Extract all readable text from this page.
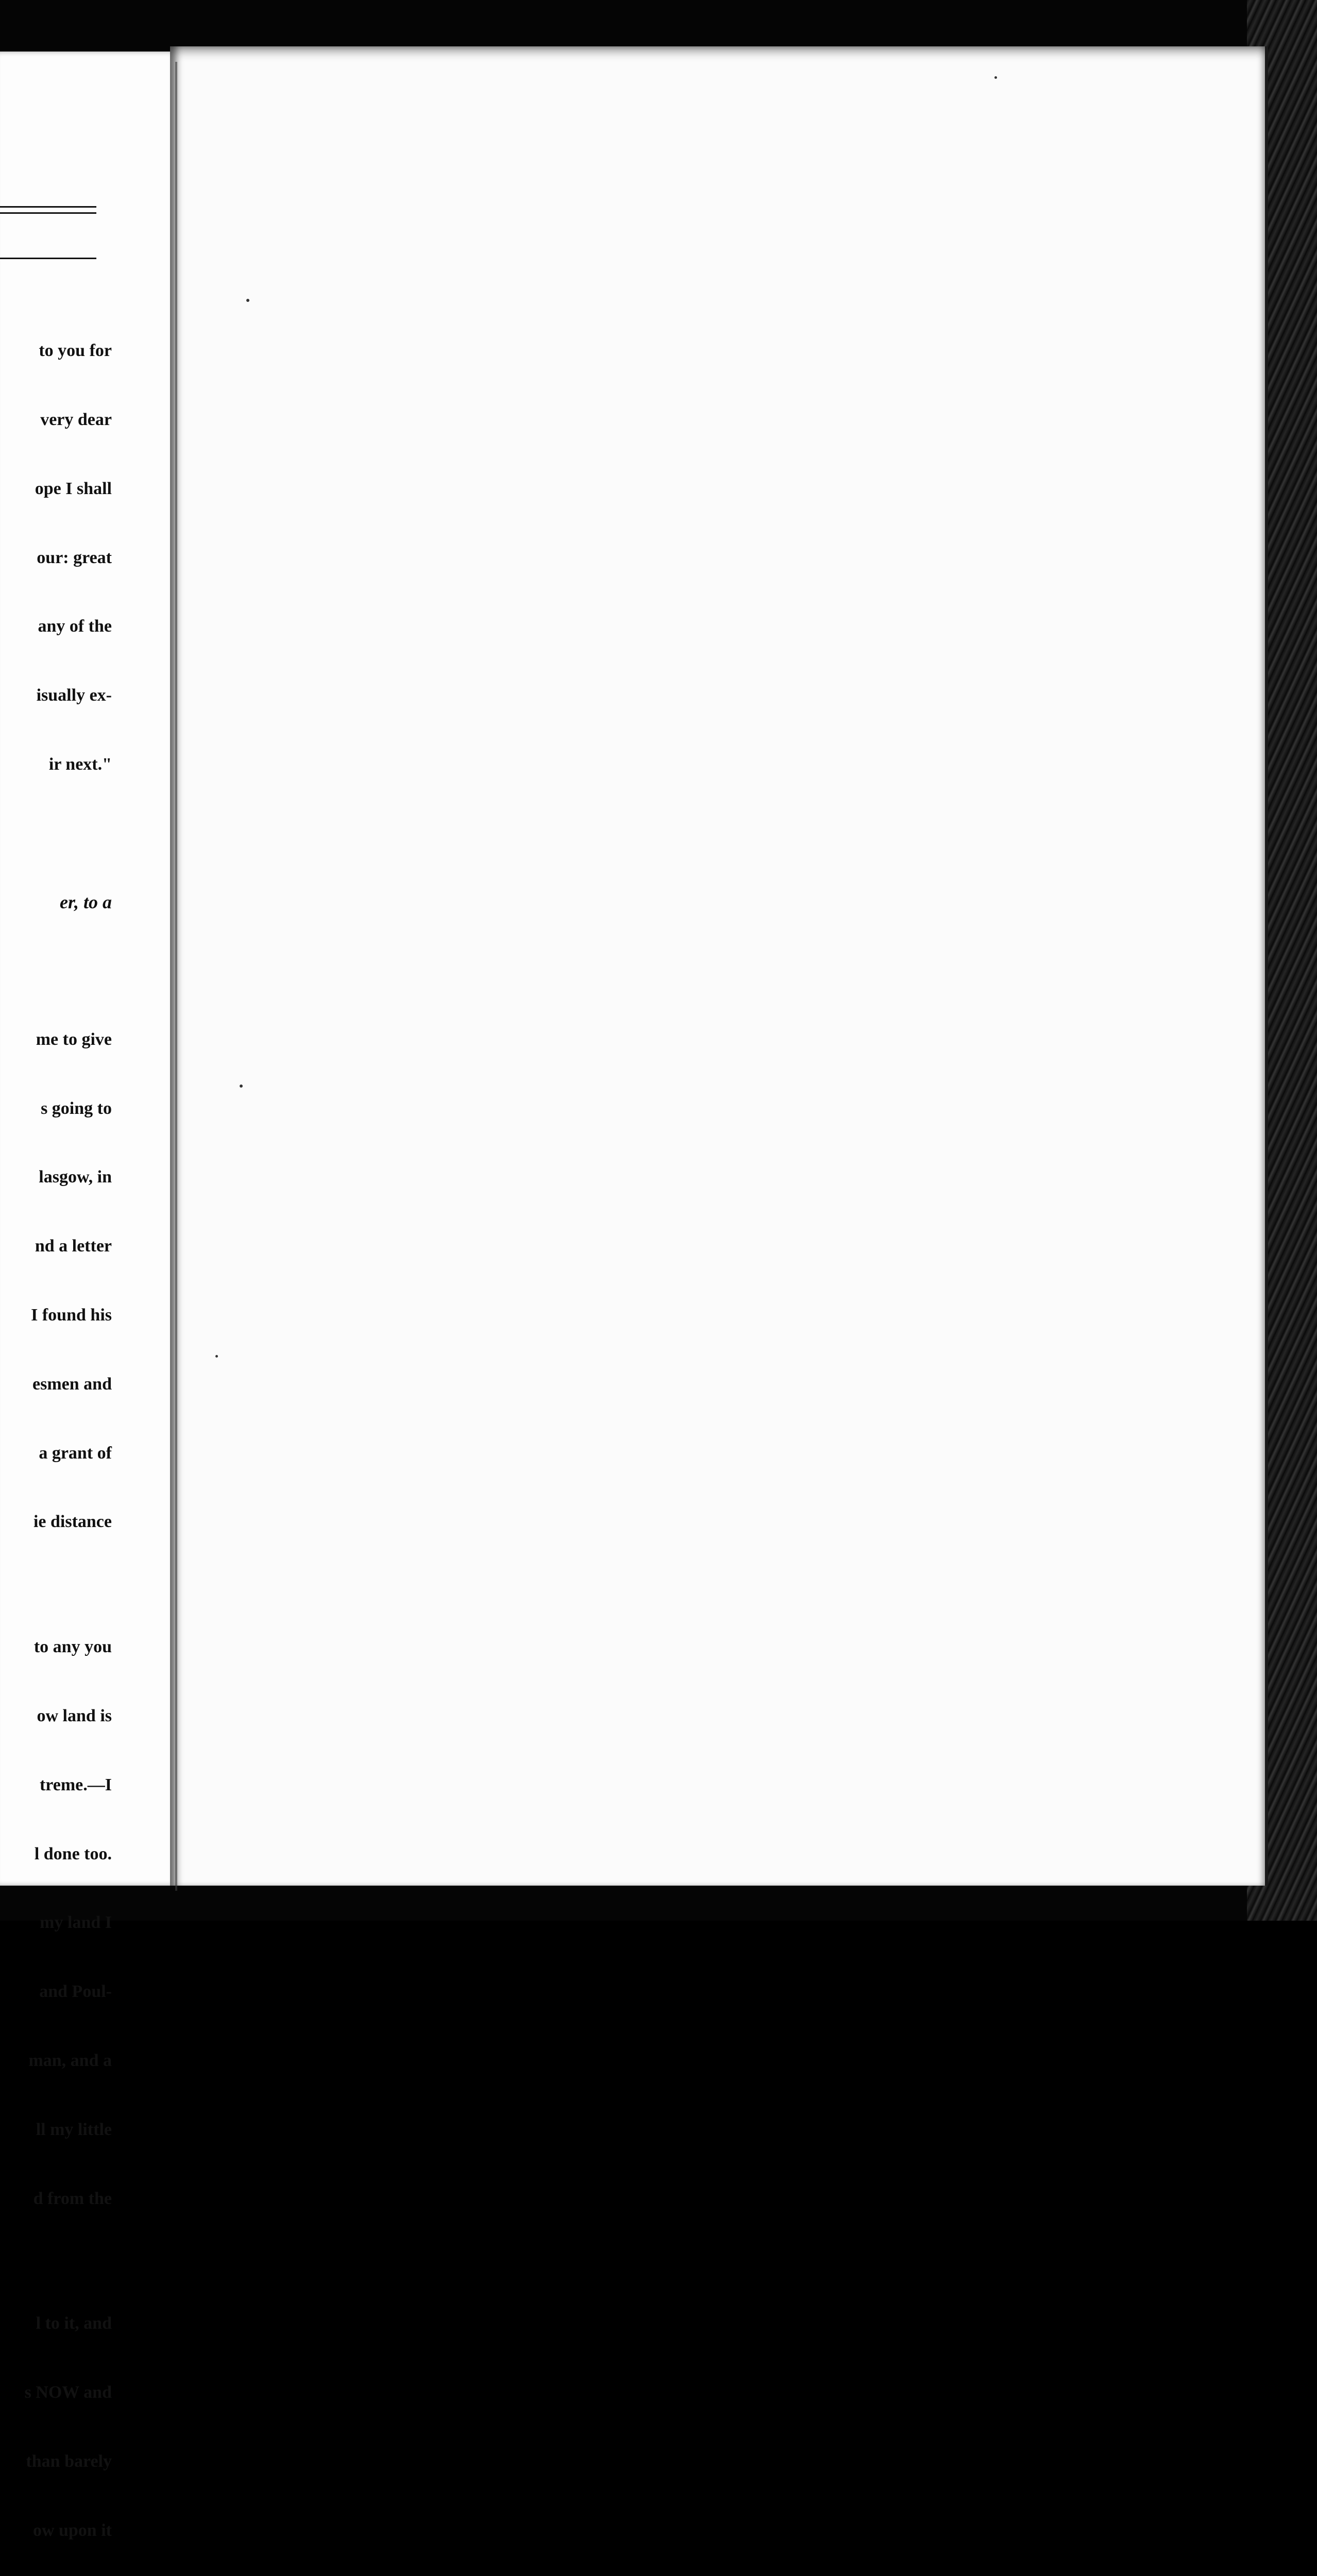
to you for

very dear

ope I shall

our: great

any of the

isually ex-

ir next."

er, to a

me to give

s going to

lasgow, in

nd a letter

I found his

esmen and

a grant of

ie distance

to any you

ow land is

treme.—I

l done too.

my land I

and Poul-

man, and a

ll my little

d from the

l to it, and

s NOW and

than barely

ow upon it
